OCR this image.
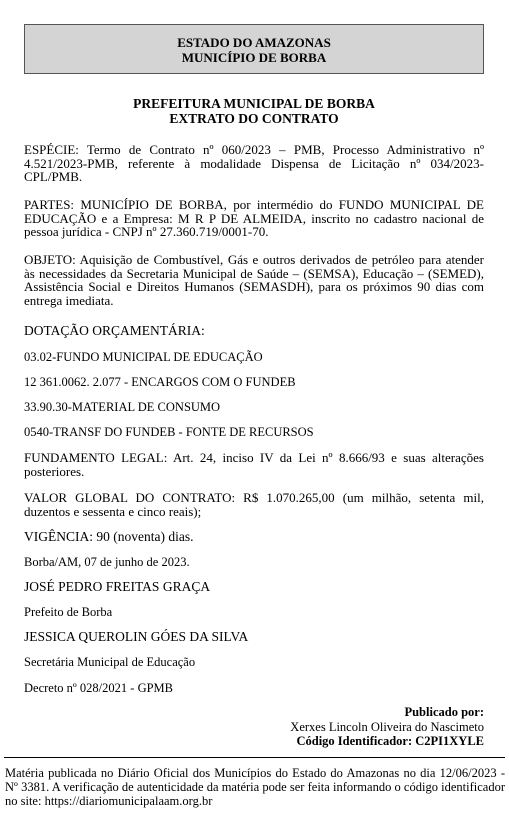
ESTADO DO AMAZONAS
MUNICÍPIO DE BORBA
PREFEITURA MUNICIPAL DE BORBA
EXTRATO DO CONTRATO
ESPÉCIE: Termo de Contrato nº 060/2023 – PMB, Processo Administrativo nº 4.521/2023-PMB, referente à modalidade Dispensa de Licitação nº 034/2023-CPL/PMB.
PARTES: MUNICÍPIO DE BORBA, por intermédio do FUNDO MUNICIPAL DE EDUCAÇÃO e a Empresa: M R P DE ALMEIDA, inscrito no cadastro nacional de pessoa jurídica - CNPJ nº 27.360.719/0001-70.
OBJETO: Aquisição de Combustível, Gás e outros derivados de petróleo para atender às necessidades da Secretaria Municipal de Saúde – (SEMSA), Educação – (SEMED), Assistência Social e Direitos Humanos (SEMASDH), para os próximos 90 dias com entrega imediata.
DOTAÇÃO ORÇAMENTÁRIA:
03.02-FUNDO MUNICIPAL DE EDUCAÇÃO
12 361.0062. 2.077 - ENCARGOS COM O FUNDEB
33.90.30-MATERIAL DE CONSUMO
0540-TRANSF DO FUNDEB - FONTE DE RECURSOS
FUNDAMENTO LEGAL: Art. 24, inciso IV da Lei nº 8.666/93 e suas alterações posteriores.
VALOR GLOBAL DO CONTRATO: R$ 1.070.265,00 (um milhão, setenta mil, duzentos e sessenta e cinco reais);
VIGÊNCIA: 90 (noventa) dias.
Borba/AM, 07 de junho de 2023.
JOSÉ PEDRO FREITAS GRAÇA
Prefeito de Borba
JESSICA QUEROLIN GÓES DA SILVA
Secretária Municipal de Educação
Decreto nº 028/2021 - GPMB
Publicado por:
Xerxes Lincoln Oliveira do Nascimeto
Código Identificador: C2PI1XYLE
Matéria publicada no Diário Oficial dos Municípios do Estado do Amazonas no dia 12/06/2023 - Nº 3381. A verificação de autenticidade da matéria pode ser feita informando o código identificador no site: https://diariomunicipalaam.org.br
